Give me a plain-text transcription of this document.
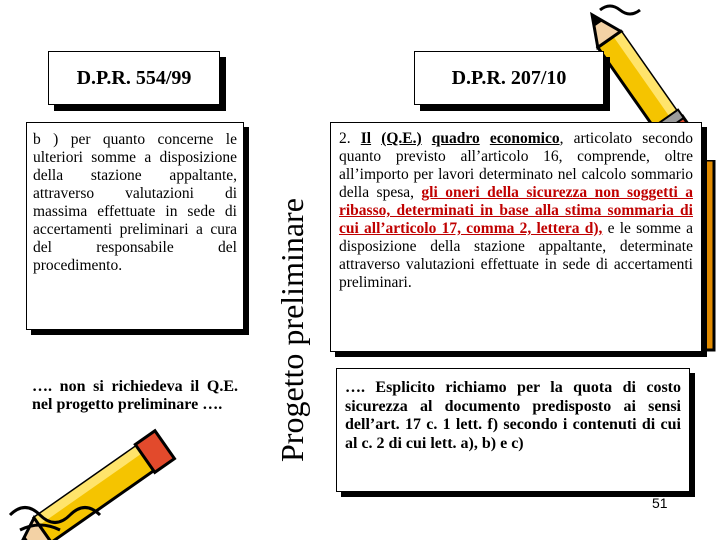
D.P.R. 554/99	D.P.R. 207/10
b ) per quanto concerne le ulteriori somme a disposizione della stazione appaltante, attraverso valutazioni di massima effettuate in sede di accertamenti preliminari a cura del responsabile del procedimento.
…. non si richiedeva il Q.E. nel progetto preliminare ….	Progetto preliminare
2. Il (Q.E.) quadro economico, articolato secondo quanto previsto all’articolo 16, comprende, oltre all’importo per lavori determinato nel calcolo sommario della spesa, gli oneri della sicurezza non soggetti a ribasso, determinati in base alla stima sommaria di cui all’articolo 17, comma 2, lettera d), e le somme a disposizione della stazione appaltante, determinate attraverso valutazioni effettuate in sede di accertamenti preliminari.
…. Esplicito richiamo per la quota di costo sicurezza al documento predisposto ai sensi dell’art. 17 c. 1 lett. f) secondo i contenuti di cui al c. 2 di cui lett. a), b) e c)
51
